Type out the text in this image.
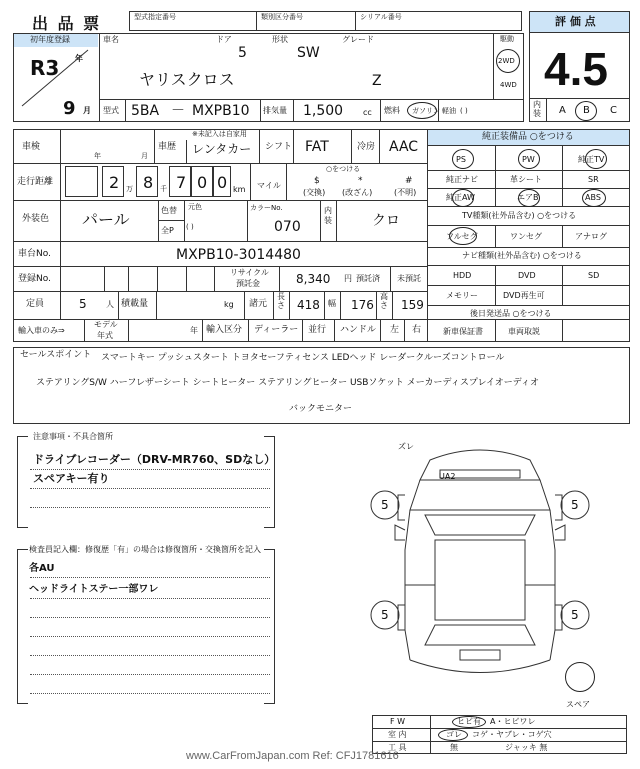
出 品 票	型式指定番号	類別区分番号	シリアル番号	評 価 点
4.5
内装 A B C
初年度登録
R3 年
9 月
車名	ドア
5
形状
SW
グレード
ヤリスクロス	Z
駆動
2WD
4WD
型式 5BA － MXPB10 排気量 1,500 cc 燃料 ガソリン 軽油 ( )
車検
年	月
※未記入は自家用
車歴 レンタカー シフト FAT	冷房 AAC
走行距離	2 万 8 千 7 0 0 km マイル
○をつける
$
(交換)
*
(改ざん)
#
(不明)
外装色 パール	色替
全P
元色
( )
カラーNo.
070
内装	クロ
車台No.	MXPB10-3014480
登録No.
リサイクル
預託金	8,340 円 預託済 未預託
定員	5 人 積載量	kg 諸元
長さ 418 幅 176
高さ 159
輸入車のみ⇒
モデル
年式
年 輸入区分 ディーラー 並行 ハンドル 左 右
純正装備品 ○をつける
PS	PW	純正TV
純正ナビ	革シート	SR
純正AW	エアB	ABS
TV種類(社外品含む) ○をつける
フルセグ	ワンセグ	アナログ
ナビ種類(社外品含む) ○をつける
HDD	DVD	SD
メモリー	DVD再生可
後日発送品 ○をつける
新車保証書	車両取説
セールスポイント スマートキー プッシュスタート トヨタセーフティセンス LEDヘッド レーダークルーズコントロール
ステアリングS/W ハーフレザーシート シートヒーター ステアリングヒーター USBソケット メーカーディスプレイオーディオ
バックモニター
注意事項・不具合箇所
ドライブレコーダー（DRV-MR760、SDなし）
スペアキー有り
検査員記入欄：修復歴「有」の場合は修復箇所・交換箇所を記入
各AU
ヘッドライトステー一部ワレ
ズレ
UA2
5	5
5	5
スペア
F W	ヒビ有 A・ヒビワレ
室 内	ゴレ コゲ・ヤブレ・コゲ穴
工 具	無	ジャッキ 無
www.CarFromJapan.com Ref: CFJ1781616
